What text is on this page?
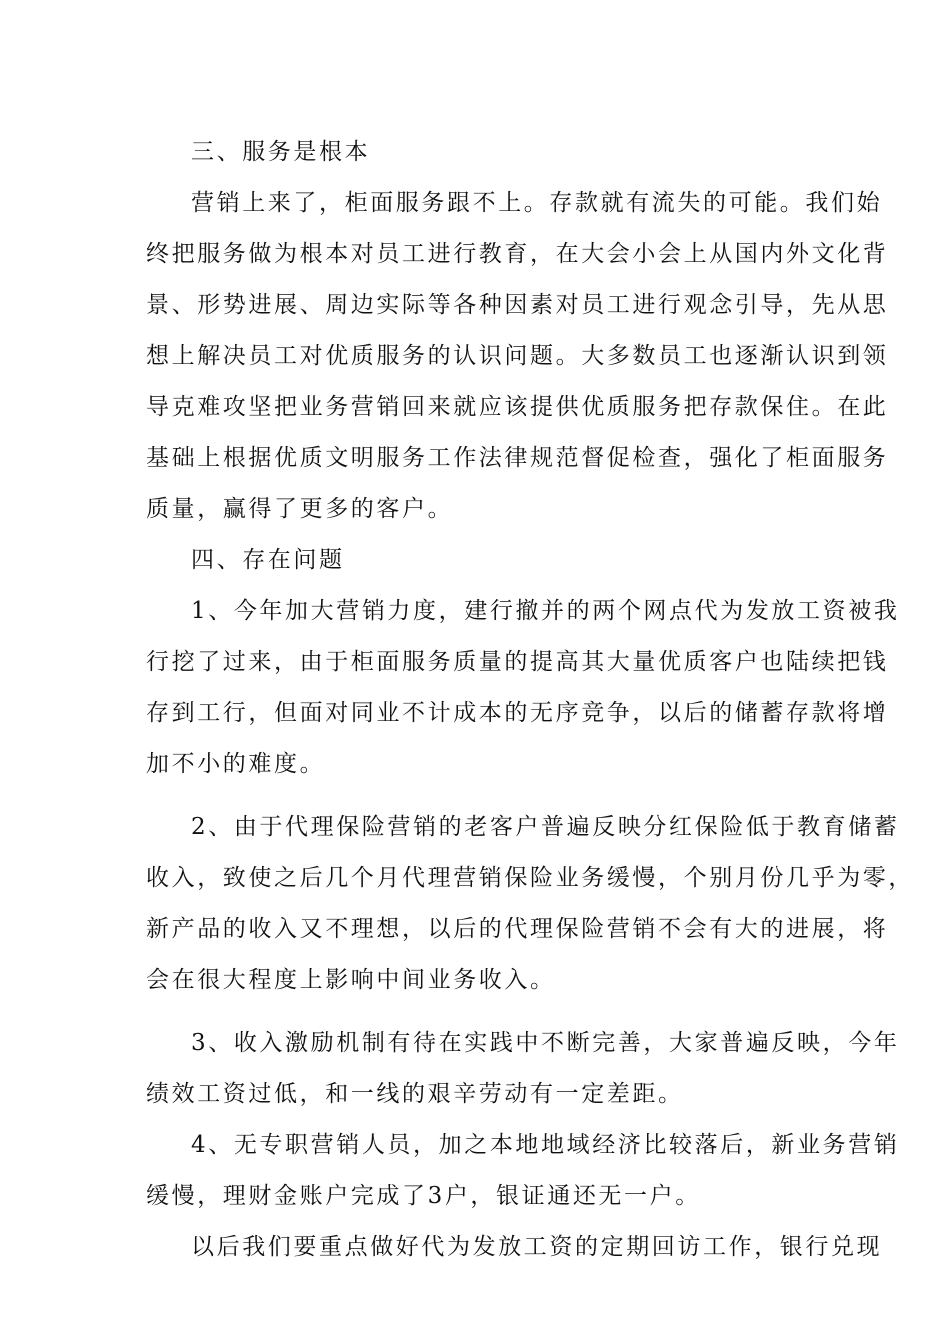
三、服务是根本
营销上来了，柜面服务跟不上。存款就有流失的可能。我们始
终把服务做为根本对员工进行教育，在大会小会上从国内外文化背
景、形势进展、周边实际等各种因素对员工进行观念引导，先从思
想上解决员工对优质服务的认识问题。大多数员工也逐渐认识到领
导克难攻坚把业务营销回来就应该提供优质服务把存款保住。在此
基础上根据优质文明服务工作法律规范督促检查，强化了柜面服务
质量，赢得了更多的客户。
四、存在问题
1、今年加大营销力度，建行撤并的两个网点代为发放工资被我
行挖了过来，由于柜面服务质量的提高其大量优质客户也陆续把钱
存到工行，但面对同业不计成本的无序竞争，以后的储蓄存款将增
加不小的难度。
2、由于代理保险营销的老客户普遍反映分红保险低于教育储蓄
收入，致使之后几个月代理营销保险业务缓慢，个别月份几乎为零，
新产品的收入又不理想，以后的代理保险营销不会有大的进展，将
会在很大程度上影响中间业务收入。
3、收入激励机制有待在实践中不断完善，大家普遍反映，今年
绩效工资过低，和一线的艰辛劳动有一定差距。
4、无专职营销人员，加之本地地域经济比较落后，新业务营销
缓慢，理财金账户完成了3户，银证通还无一户。
以后我们要重点做好代为发放工资的定期回访工作，银行兑现
